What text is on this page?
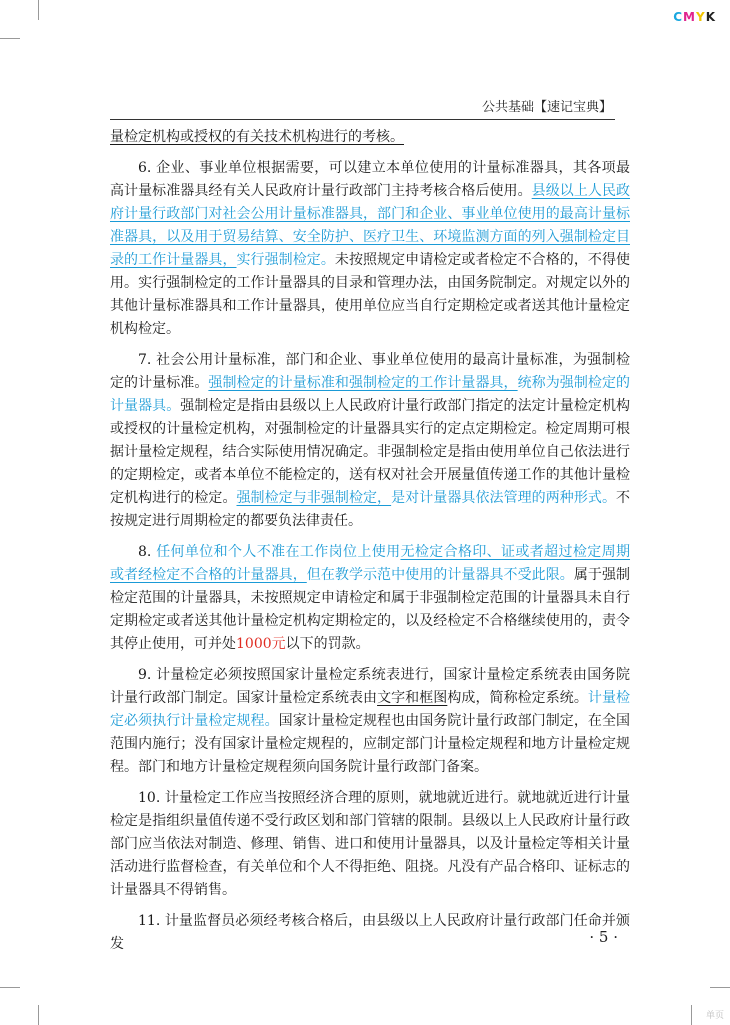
CMYK
公共基础【速记宝典】

量检定机构或授权的有关技术机构进行的考核。

6. 企业、事业单位根据需要，可以建立本单位使用的计量标准器具，其各项最高计量标准器具经有关人民政府计量行政部门主持考核合格后使用。县级以上人民政府计量行政部门对社会公用计量标准器具，部门和企业、事业单位使用的最高计量标准器具，以及用于贸易结算、安全防护、医疗卫生、环境监测方面的列入强制检定目录的工作计量器具，实行强制检定。未按照规定申请检定或者检定不合格的，不得使用。实行强制检定的工作计量器具的目录和管理办法，由国务院制定。对规定以外的其他计量标准器具和工作计量器具，使用单位应当自行定期检定或者送其他计量检定机构检定。

7. 社会公用计量标准，部门和企业、事业单位使用的最高计量标准，为强制检定的计量标准。强制检定的计量标准和强制检定的工作计量器具，统称为强制检定的计量器具。强制检定是指由县级以上人民政府计量行政部门指定的法定计量检定机构或授权的计量检定机构，对强制检定的计量器具实行的定点定期检定。检定周期可根据计量检定规程，结合实际使用情况确定。非强制检定是指由使用单位自己依法进行的定期检定，或者本单位不能检定的，送有权对社会开展量值传递工作的其他计量检定机构进行的检定。强制检定与非强制检定，是对计量器具依法管理的两种形式。不按规定进行周期检定的都要负法律责任。

8. 任何单位和个人不准在工作岗位上使用无检定合格印、证或者超过检定周期或者经检定不合格的计量器具，但在教学示范中使用的计量器具不受此限。属于强制检定范围的计量器具，未按照规定申请检定和属于非强制检定范围的计量器具未自行定期检定或者送其他计量检定机构定期检定的，以及经检定不合格继续使用的，责令其停止使用，可并处1000元以下的罚款。

9. 计量检定必须按照国家计量检定系统表进行，国家计量检定系统表由国务院计量行政部门制定。国家计量检定系统表由文字和框图构成，简称检定系统。计量检定必须执行计量检定规程。国家计量检定规程也由国务院计量行政部门制定，在全国范围内施行；没有国家计量检定规程的，应制定部门计量检定规程和地方计量检定规程。部门和地方计量检定规程须向国务院计量行政部门备案。

10. 计量检定工作应当按照经济合理的原则，就地就近进行。就地就近进行计量检定是指组织量值传递不受行政区划和部门管辖的限制。县级以上人民政府计量行政部门应当依法对制造、修理、销售、进口和使用计量器具，以及计量检定等相关计量活动进行监督检查，有关单位和个人不得拒绝、阻挠。凡没有产品合格印、证标志的计量器具不得销售。

11. 计量监督员必须经考核合格后，由县级以上人民政府计量行政部门任命并颁发	· 5 ·
单页
